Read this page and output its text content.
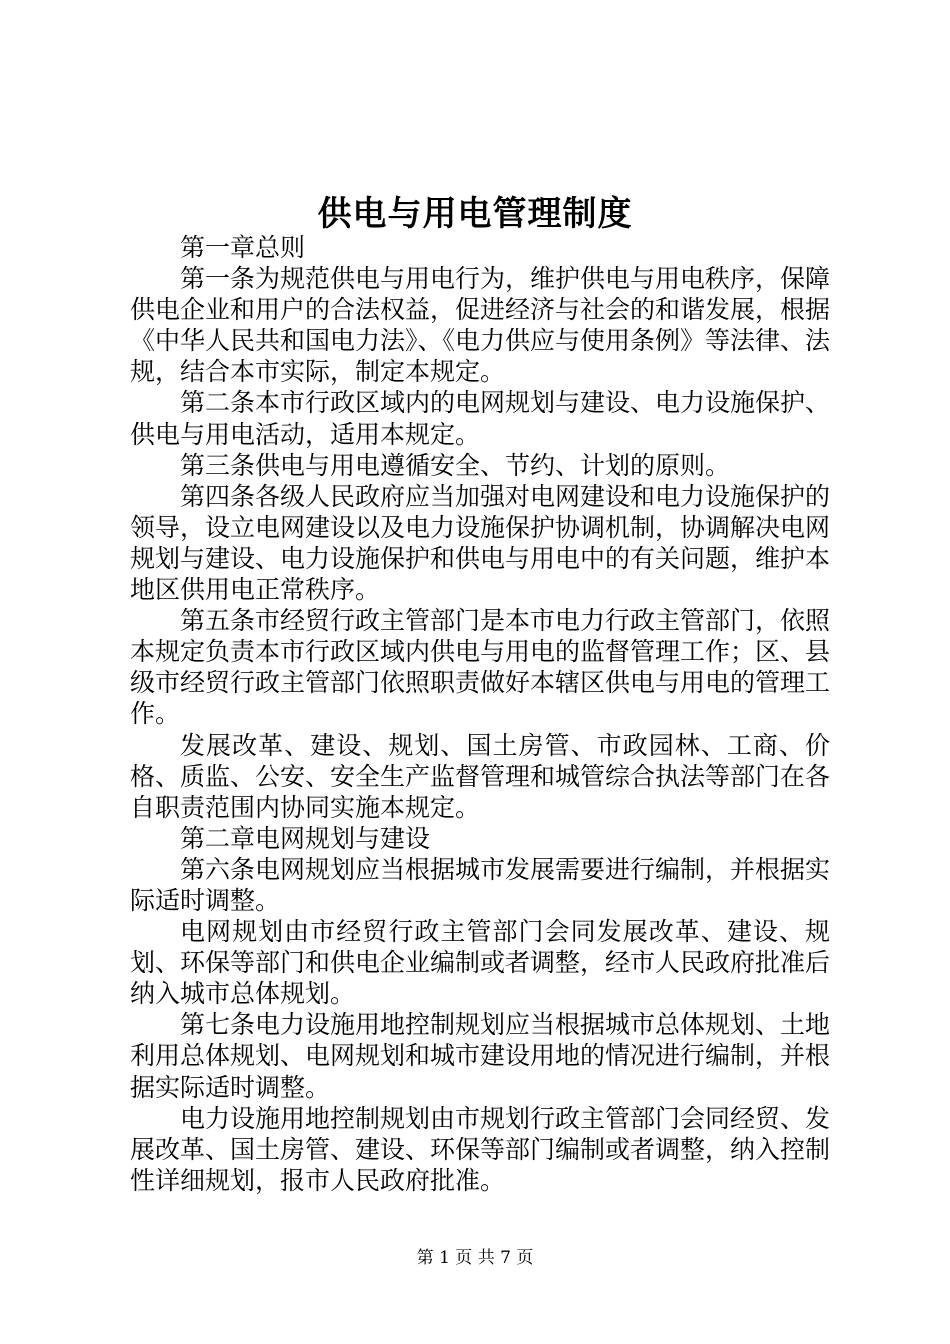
供电与用电管理制度

第一章总则

第一条为规范供电与用电行为，维护供电与用电秩序，保障供电企业和用户的合法权益，促进经济与社会的和谐发展，根据《中华人民共和国电力法》、《电力供应与使用条例》等法律、法规，结合本市实际，制定本规定。

第二条本市行政区域内的电网规划与建设、电力设施保护、供电与用电活动，适用本规定。

第三条供电与用电遵循安全、节约、计划的原则。

第四条各级人民政府应当加强对电网建设和电力设施保护的领导，设立电网建设以及电力设施保护协调机制，协调解决电网规划与建设、电力设施保护和供电与用电中的有关问题，维护本地区供用电正常秩序。

第五条市经贸行政主管部门是本市电力行政主管部门，依照本规定负责本市行政区域内供电与用电的监督管理工作；区、县级市经贸行政主管部门依照职责做好本辖区供电与用电的管理工作。

发展改革、建设、规划、国土房管、市政园林、工商、价格、质监、公安、安全生产监督管理和城管综合执法等部门在各自职责范围内协同实施本规定。

第二章电网规划与建设

第六条电网规划应当根据城市发展需要进行编制，并根据实际适时调整。

电网规划由市经贸行政主管部门会同发展改革、建设、规划、环保等部门和供电企业编制或者调整，经市人民政府批准后纳入城市总体规划。

第七条电力设施用地控制规划应当根据城市总体规划、土地利用总体规划、电网规划和城市建设用地的情况进行编制，并根据实际适时调整。

电力设施用地控制规划由市规划行政主管部门会同经贸、发展改革、国土房管、建设、环保等部门编制或者调整，纳入控制性详细规划，报市人民政府批准。

第 1 页 共 7 页
